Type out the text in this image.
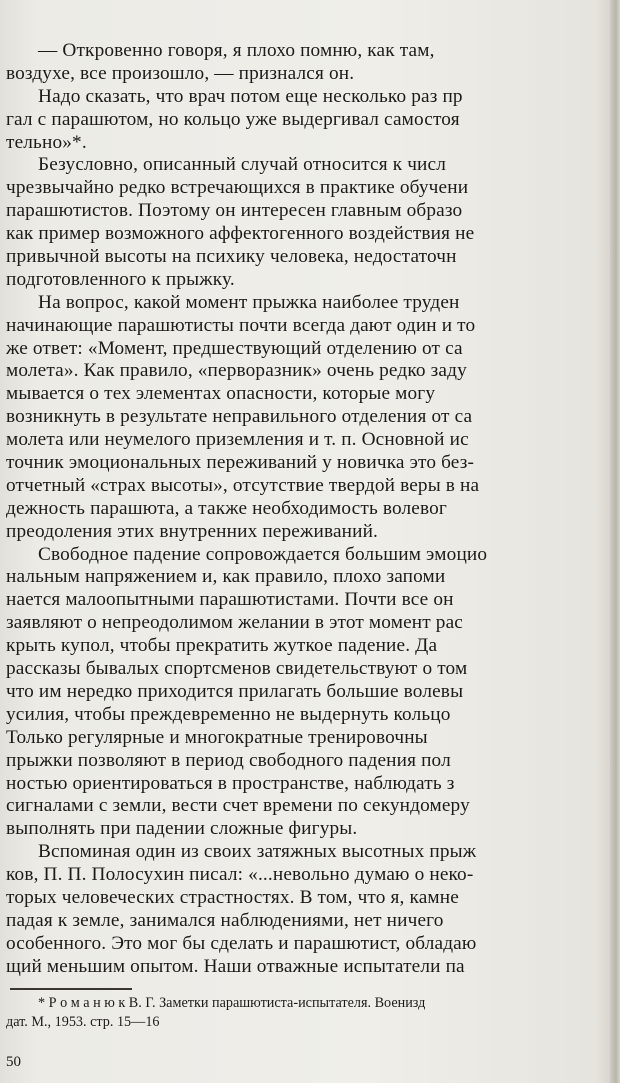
— Откровенно говоря, я плохо помню, как там,
воздухе, все произошло, — признался он.
Надо сказать, что врач потом еще несколько раз пр
гал с парашютом, но кольцо уже выдергивал самостоя
тельно»*.
Безусловно, описанный случай относится к числ
чрезвычайно редко встречающихся в практике обучени
парашютистов. Поэтому он интересен главным образо
как пример возможного аффектогенного воздействия не
привычной высоты на психику человека, недостаточн
подготовленного к прыжку.
На вопрос, какой момент прыжка наиболее труден
начинающие парашютисты почти всегда дают один и то
же ответ: «Момент, предшествующий отделению от са
молета». Как правило, «перворазник» очень редко заду
мывается о тех элементах опасности, которые могу
возникнуть в результате неправильного отделения от са
молета или неумелого приземления и т. п. Основной ис
точник эмоциональных переживаний у новичка это без-
отчетный «страх высоты», отсутствие твердой веры в на
дежность парашюта, а также необходимость волевог
преодоления этих внутренних переживаний.
Свободное падение сопровождается большим эмоцио
нальным напряжением и, как правило, плохо запоми
нается малоопытными парашютистами. Почти все он
заявляют о непреодолимом желании в этот момент рас
крыть купол, чтобы прекратить жуткое падение. Да
рассказы бывалых спортсменов свидетельствуют о том
что им нередко приходится прилагать большие волевы
усилия, чтобы преждевременно не выдернуть кольцо
Только регулярные и многократные тренировочны
прыжки позволяют в период свободного падения пол
ностью ориентироваться в пространстве, наблюдать з
сигналами с земли, вести счет времени по секундомеру
выполнять при падении сложные фигуры.
Вспоминая один из своих затяжных высотных прыж
ков, П. П. Полосухин писал: «...невольно думаю о неко-
торых человеческих страстностях. В том, что я, камне
падая к земле, занимался наблюдениями, нет ничего
особенного. Это мог бы сделать и парашютист, обладаю
щий меньшим опытом. Наши отважные испытатели па
* Р о м а н ю к В. Г. Заметки парашютиста-испытателя. Военизд
дат. М., 1953. стр. 15—16
50
